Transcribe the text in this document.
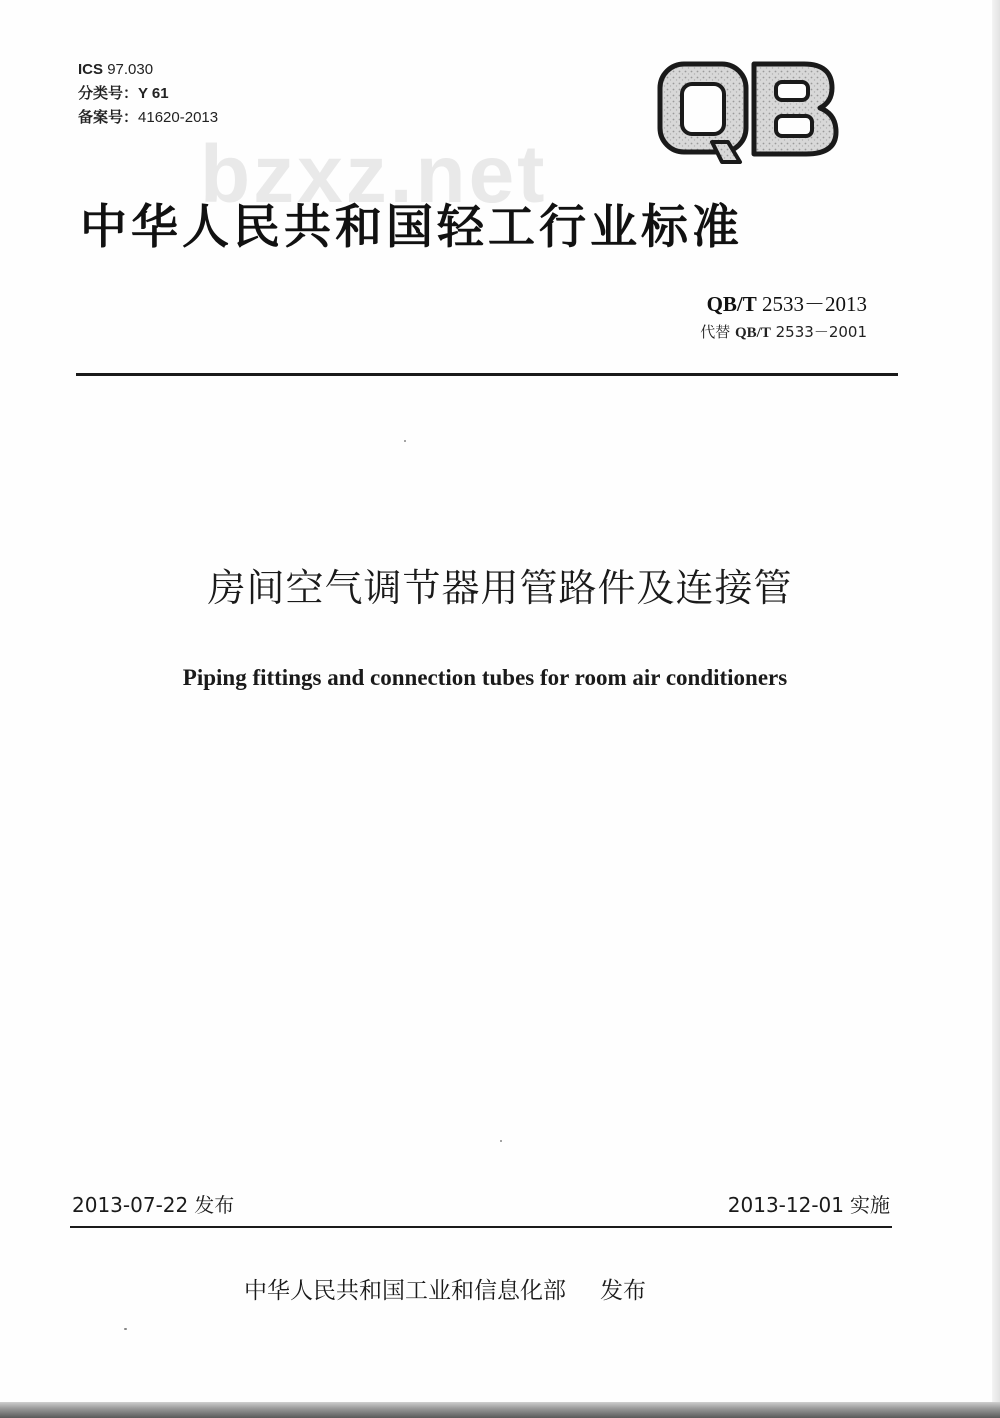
ICS 97.030
分类号：Y 61
备案号：41620-2013
bzxz.net
中华人民共和国轻工行业标准
QB/T 2533－2013
代替 QB/T 2533－2001
房间空气调节器用管路件及连接管
Piping fittings and connection tubes for room air conditioners
2013-07-22 发布	2013-12-01 实施
中华人民共和国工业和信息化部 发布
